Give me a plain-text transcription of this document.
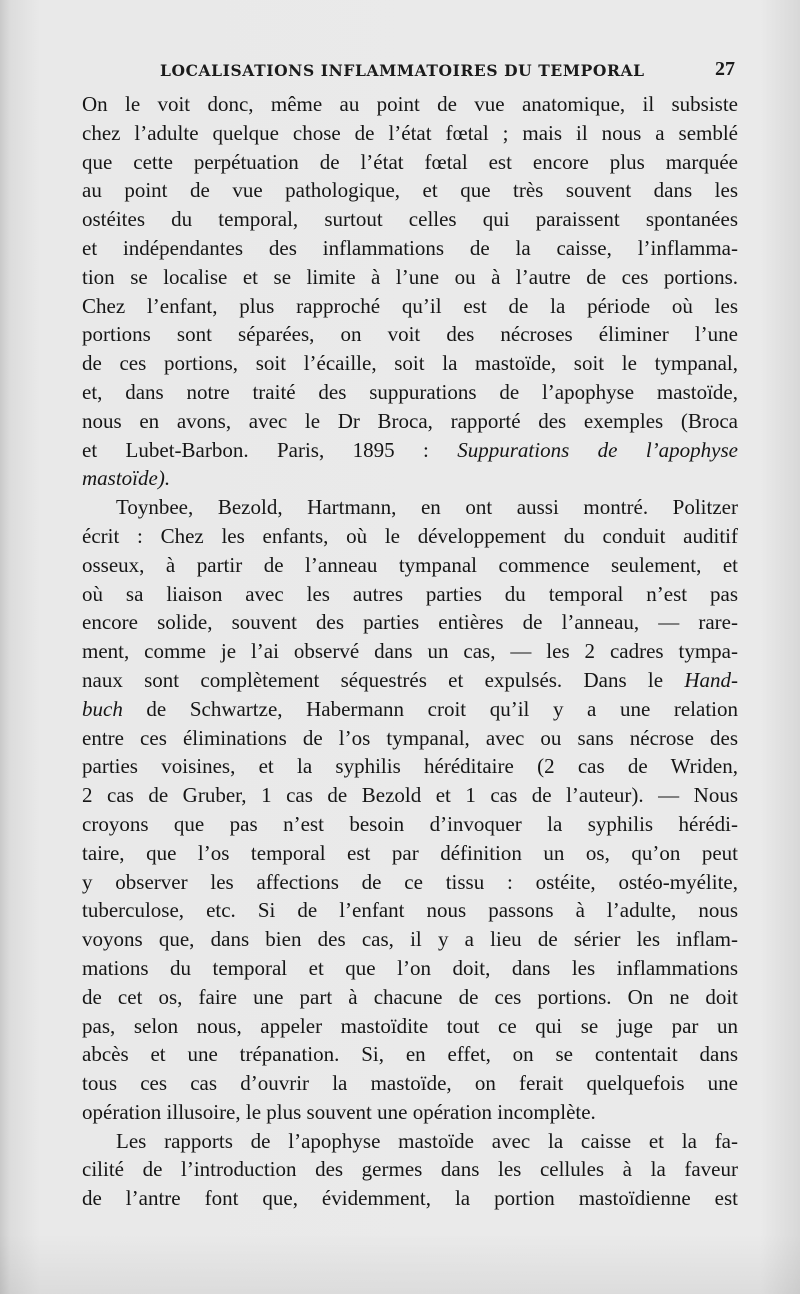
LOCALISATIONS INFLAMMATOIRES DU TEMPORAL	27
On le voit donc, même au point de vue anatomique, il subsiste
chez l’adulte quelque chose de l’état fœtal ; mais il nous a semblé
que cette perpétuation de l’état fœtal est encore plus marquée
au point de vue pathologique, et que très souvent dans les
ostéites du temporal, surtout celles qui paraissent spontanées
et indépendantes des inflammations de la caisse, l’inflamma-
tion se localise et se limite à l’une ou à l’autre de ces portions.
Chez l’enfant, plus rapproché qu’il est de la période où les
portions sont séparées, on voit des nécroses éliminer l’une
de ces portions, soit l’écaille, soit la mastoïde, soit le tympanal,
et, dans notre traité des suppurations de l’apophyse mastoïde,
nous en avons, avec le Dr Broca, rapporté des exemples (Broca
et Lubet-Barbon. Paris, 1895 : Suppurations de l’apophyse
mastoïde).
Toynbee, Bezold, Hartmann, en ont aussi montré. Politzer
écrit : Chez les enfants, où le développement du conduit auditif
osseux, à partir de l’anneau tympanal commence seulement, et
où sa liaison avec les autres parties du temporal n’est pas
encore solide, souvent des parties entières de l’anneau, — rare-
ment, comme je l’ai observé dans un cas, — les 2 cadres tympa-
naux sont complètement séquestrés et expulsés. Dans le Hand-
buch de Schwartze, Habermann croit qu’il y a une relation
entre ces éliminations de l’os tympanal, avec ou sans nécrose des
parties voisines, et la syphilis héréditaire (2 cas de Wriden,
2 cas de Gruber, 1 cas de Bezold et 1 cas de l’auteur). — Nous
croyons que pas n’est besoin d’invoquer la syphilis hérédi-
taire, que l’os temporal est par définition un os, qu’on peut
y observer les affections de ce tissu : ostéite, ostéo-myélite,
tuberculose, etc. Si de l’enfant nous passons à l’adulte, nous
voyons que, dans bien des cas, il y a lieu de sérier les inflam-
mations du temporal et que l’on doit, dans les inflammations
de cet os, faire une part à chacune de ces portions. On ne doit
pas, selon nous, appeler mastoïdite tout ce qui se juge par un
abcès et une trépanation. Si, en effet, on se contentait dans
tous ces cas d’ouvrir la mastoïde, on ferait quelquefois une
opération illusoire, le plus souvent une opération incomplète.
Les rapports de l’apophyse mastoïde avec la caisse et la fa-
cilité de l’introduction des germes dans les cellules à la faveur
de l’antre font que, évidemment, la portion mastoïdienne est
